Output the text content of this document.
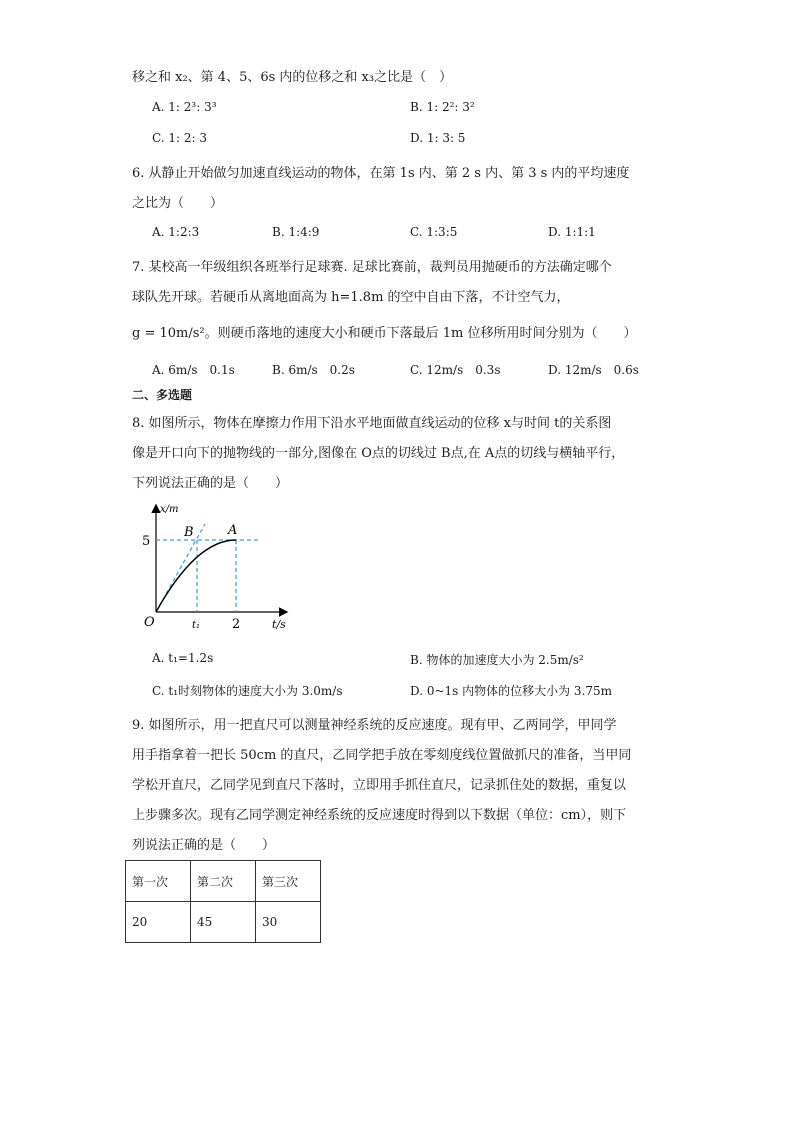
移之和 x₂、第 4、5、6s 内的位移之和 x₃之比是（　）
A. 1: 2³: 3³	B. 1: 2²: 3²
C. 1: 2: 3	D. 1: 3: 5
6. 从静止开始做匀加速直线运动的物体，在第 1s 内、第 2 s 内、第 3 s 内的平均速度
之比为（　　）
A. 1:2:3	B. 1:4:9	C. 1:3:5	D. 1:1:1
7. 某校高一年级组织各班举行足球赛. 足球比赛前，裁判员用抛硬币的方法确定哪个
球队先开球。若硬币从离地面高为 h=1.8m 的空中自由下落，不计空气力，
g = 10m/s²。则硬币落地的速度大小和硬币下落最后 1m 位移所用时间分别为（　　）
A. 6m/s　0.1s	B. 6m/s　0.2s	C. 12m/s　0.3s	D. 12m/s　0.6s
二、多选题
8. 如图所示，物体在摩擦力作用下沿水平地面做直线运动的位移 x与时间 t的关系图
像是开口向下的抛物线的一部分,图像在 O点的切线过 B点,在 A点的切线与横轴平行，
下列说法正确的是（　　）
x/m
t/s
O
B	A
5
t₁ 2
A. t₁=1.2s	B. 物体的加速度大小为 2.5m/s²
C. t₁时刻物体的速度大小为 3.0m/s	D. 0~1s 内物体的位移大小为 3.75m
9. 如图所示，用一把直尺可以测量神经系统的反应速度。现有甲、乙两同学，甲同学
用手指拿着一把长 50cm 的直尺，乙同学把手放在零刻度线位置做抓尺的准备，当甲同
学松开直尺，乙同学见到直尺下落时，立即用手抓住直尺，记录抓住处的数据，重复以
上步骤多次。现有乙同学测定神经系统的反应速度时得到以下数据（单位：cm），则下
列说法正确的是（　　）
第一次	第二次	第三次
20	45	30
